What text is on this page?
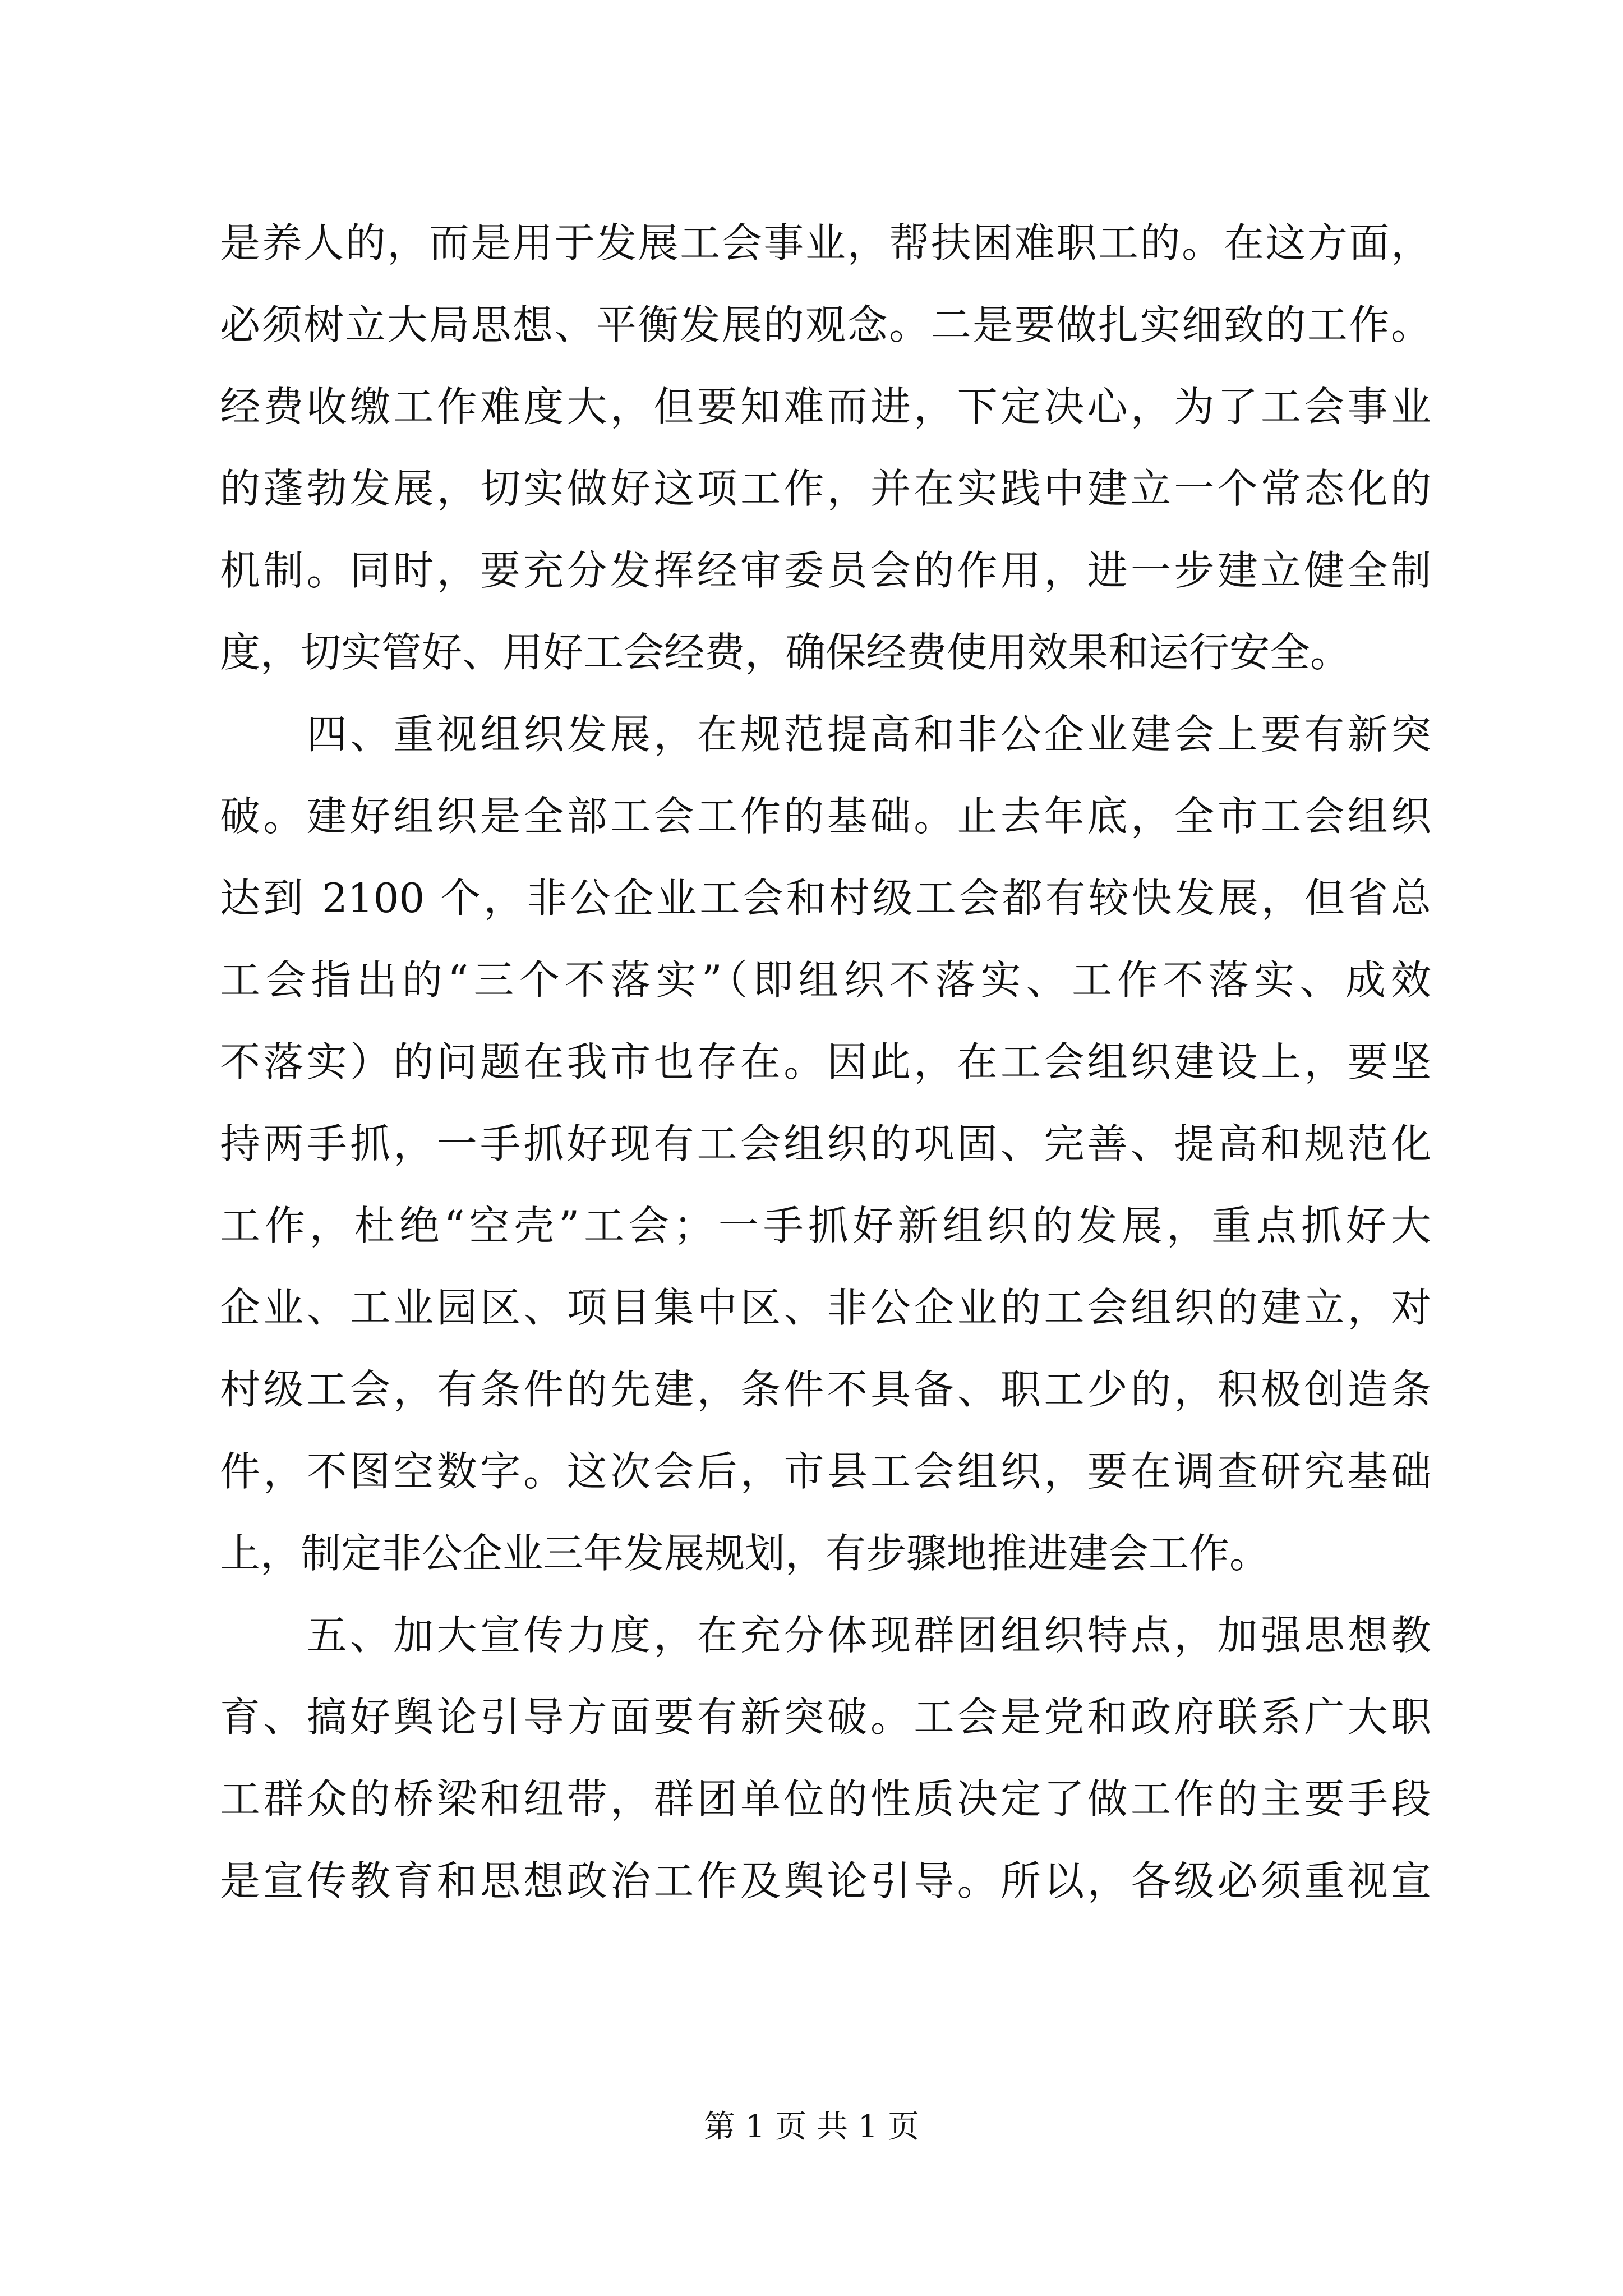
是养人的，而是用于发展工会事业，帮扶困难职工的。在这方面，
必须树立大局思想、平衡发展的观念。二是要做扎实细致的工作。
经费收缴工作难度大，但要知难而进，下定决心，为了工会事业
的蓬勃发展，切实做好这项工作，并在实践中建立一个常态化的
机制。同时，要充分发挥经审委员会的作用，进一步建立健全制
度，切实管好、用好工会经费，确保经费使用效果和运行安全。
　　四、重视组织发展，在规范提高和非公企业建会上要有新突
破。建好组织是全部工会工作的基础。止去年底，全市工会组织
达到 2100 个，非公企业工会和村级工会都有较快发展，但省总
工会指出的“三个不落实”（即组织不落实、工作不落实、成效
不落实）的问题在我市也存在。因此，在工会组织建设上，要坚
持两手抓，一手抓好现有工会组织的巩固、完善、提高和规范化
工作，杜绝“空壳”工会；一手抓好新组织的发展，重点抓好大
企业、工业园区、项目集中区、非公企业的工会组织的建立，对
村级工会，有条件的先建，条件不具备、职工少的，积极创造条
件，不图空数字。这次会后，市县工会组织，要在调查研究基础
上，制定非公企业三年发展规划，有步骤地推进建会工作。
　　五、加大宣传力度，在充分体现群团组织特点，加强思想教
育、搞好舆论引导方面要有新突破。工会是党和政府联系广大职
工群众的桥梁和纽带，群团单位的性质决定了做工作的主要手段
是宣传教育和思想政治工作及舆论引导。所以，各级必须重视宣
第 1 页 共 1 页
